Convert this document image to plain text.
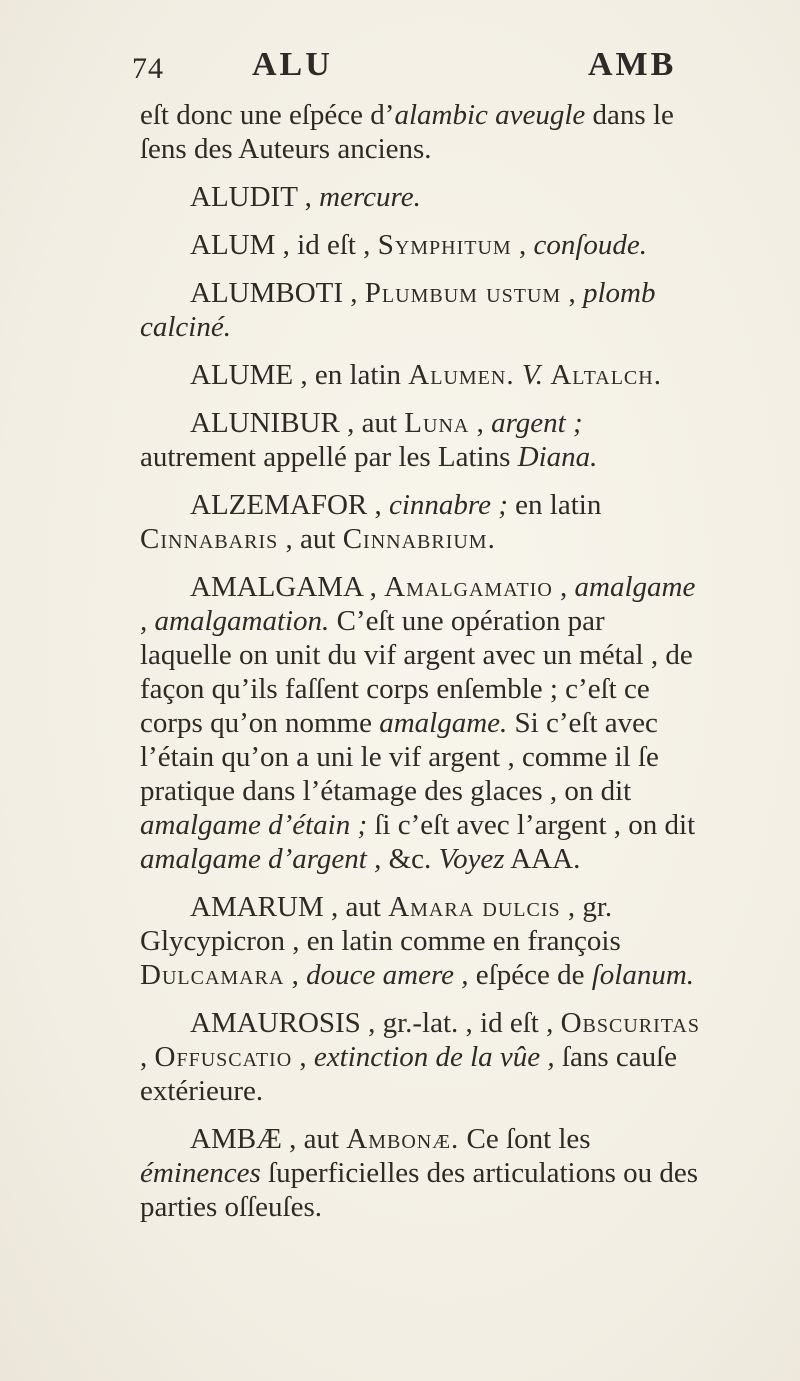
74	ALU	AMB

eſt donc une eſpéce d’alambic aveugle dans le ſens des Auteurs anciens.

ALUDIT , mercure.

ALUM , id eſt , Symphitum , conſoude.

ALUMBOTI , Plumbum ustum , plomb calciné.

ALUME , en latin Alumen. V. Altalch.

ALUNIBUR , aut Luna , argent ; autrement appellé par les Latins Diana.

ALZEMAFOR , cinnabre ; en latin Cinnabaris , aut Cinnabrium.

AMALGAMA , Amalgamatio , amalgame , amalgamation. C’eſt une opération par laquelle on unit du vif argent avec un métal , de façon qu’ils faſſent corps enſemble ; c’eſt ce corps qu’on nomme amalgame. Si c’eſt avec l’étain qu’on a uni le vif argent , comme il ſe pratique dans l’étamage des glaces , on dit amalgame d’étain ; ſi c’eſt avec l’argent , on dit amalgame d’argent , &c. Voyez AAA.

AMARUM , aut Amara dulcis , gr. Glycypicron , en latin comme en françois Dulcamara , douce amere , eſpéce de ſolanum.

AMAUROSIS , gr.-lat. , id eſt , Obscuritas , Offuscatio , extinction de la vûe , ſans cauſe extérieure.

AMBÆ , aut Ambonæ. Ce ſont les éminences ſuperficielles des articulations ou des parties oſſeuſes.
